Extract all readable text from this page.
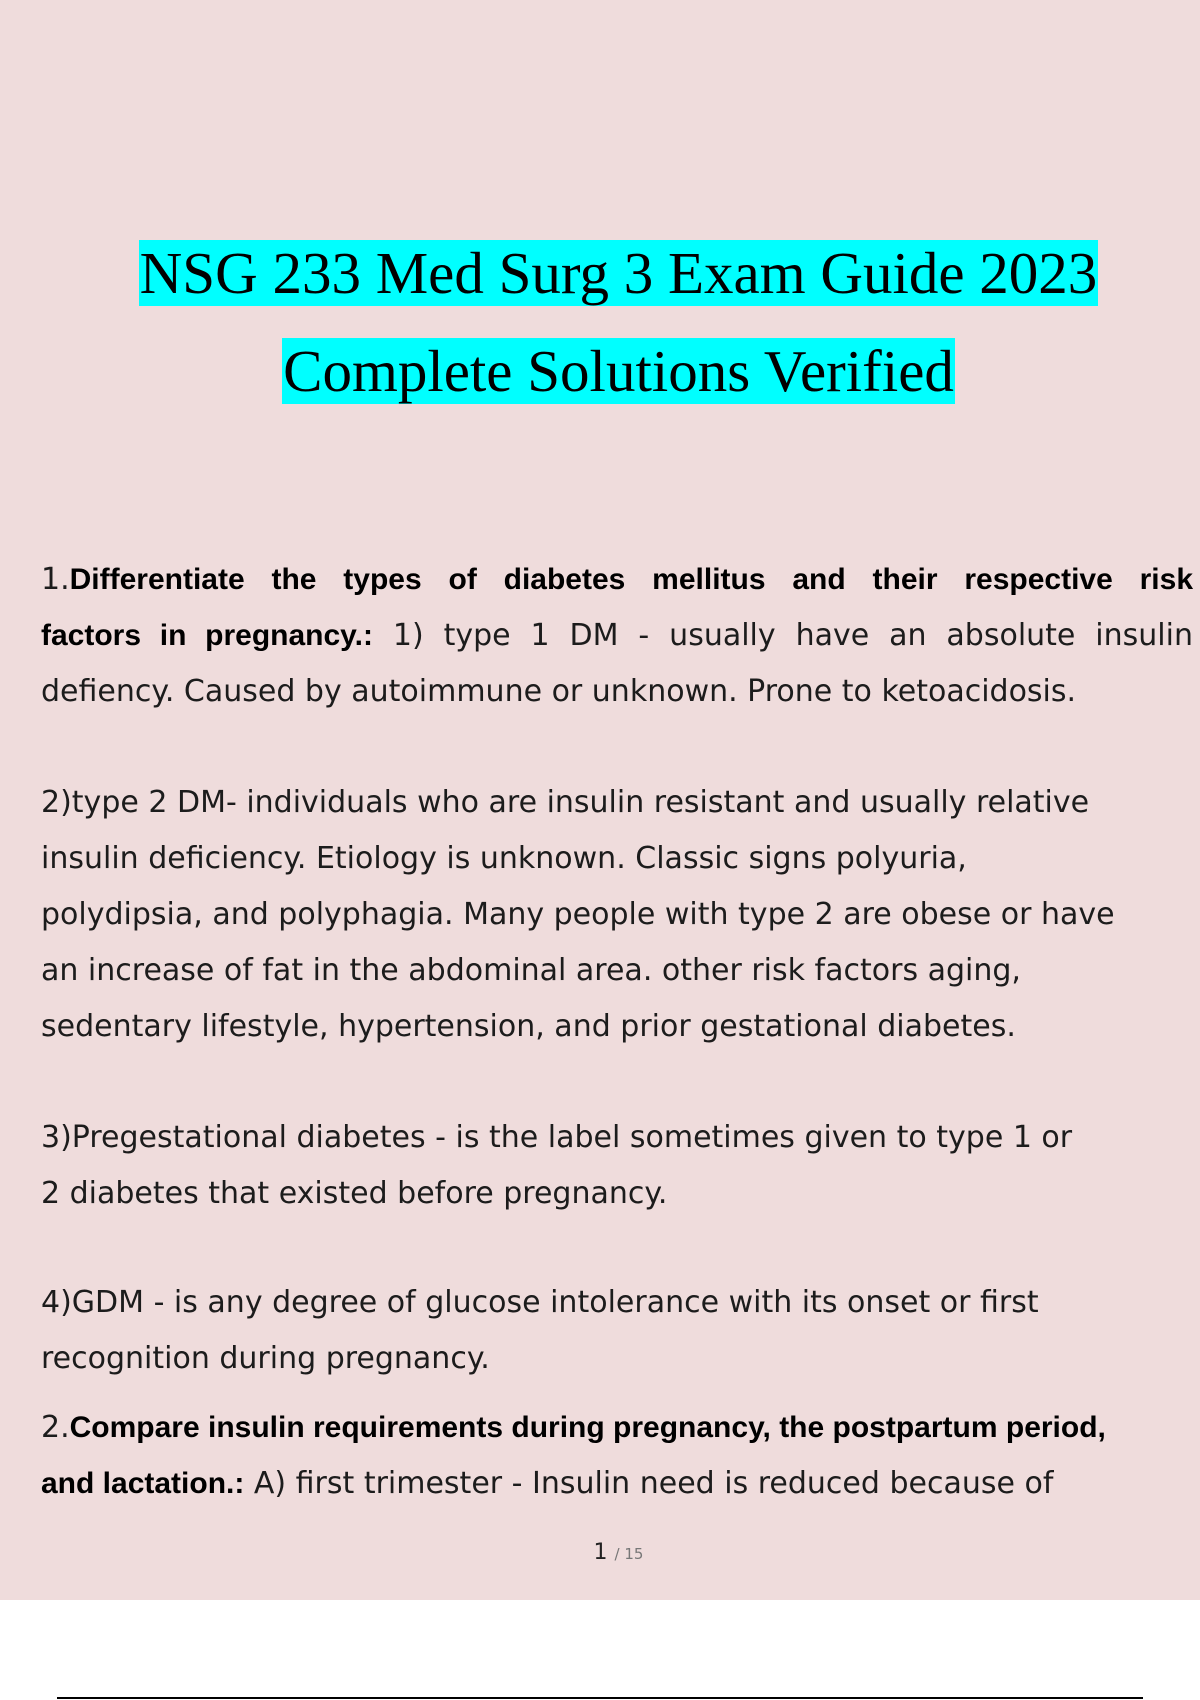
NSG 233 Med Surg 3 Exam Guide 2023
Complete Solutions Verified
1.Differentiate the types of diabetes mellitus and their respective risk
factors in pregnancy.: 1) type 1 DM - usually have an absolute insulin
defiency. Caused by autoimmune or unknown. Prone to ketoacidosis.
2)type 2 DM- individuals who are insulin resistant and usually relative
insulin deficiency. Etiology is unknown. Classic signs polyuria,
polydipsia, and polyphagia. Many people with type 2 are obese or have
an increase of fat in the abdominal area. other risk factors aging,
sedentary lifestyle, hypertension, and prior gestational diabetes.
3)Pregestational diabetes - is the label sometimes given to type 1 or
2 diabetes that existed before pregnancy.
4)GDM - is any degree of glucose intolerance with its onset or first
recognition during pregnancy.
2.Compare insulin requirements during pregnancy, the postpartum period,
and lactation.: A) first trimester - Insulin need is reduced because of
1 / 15
